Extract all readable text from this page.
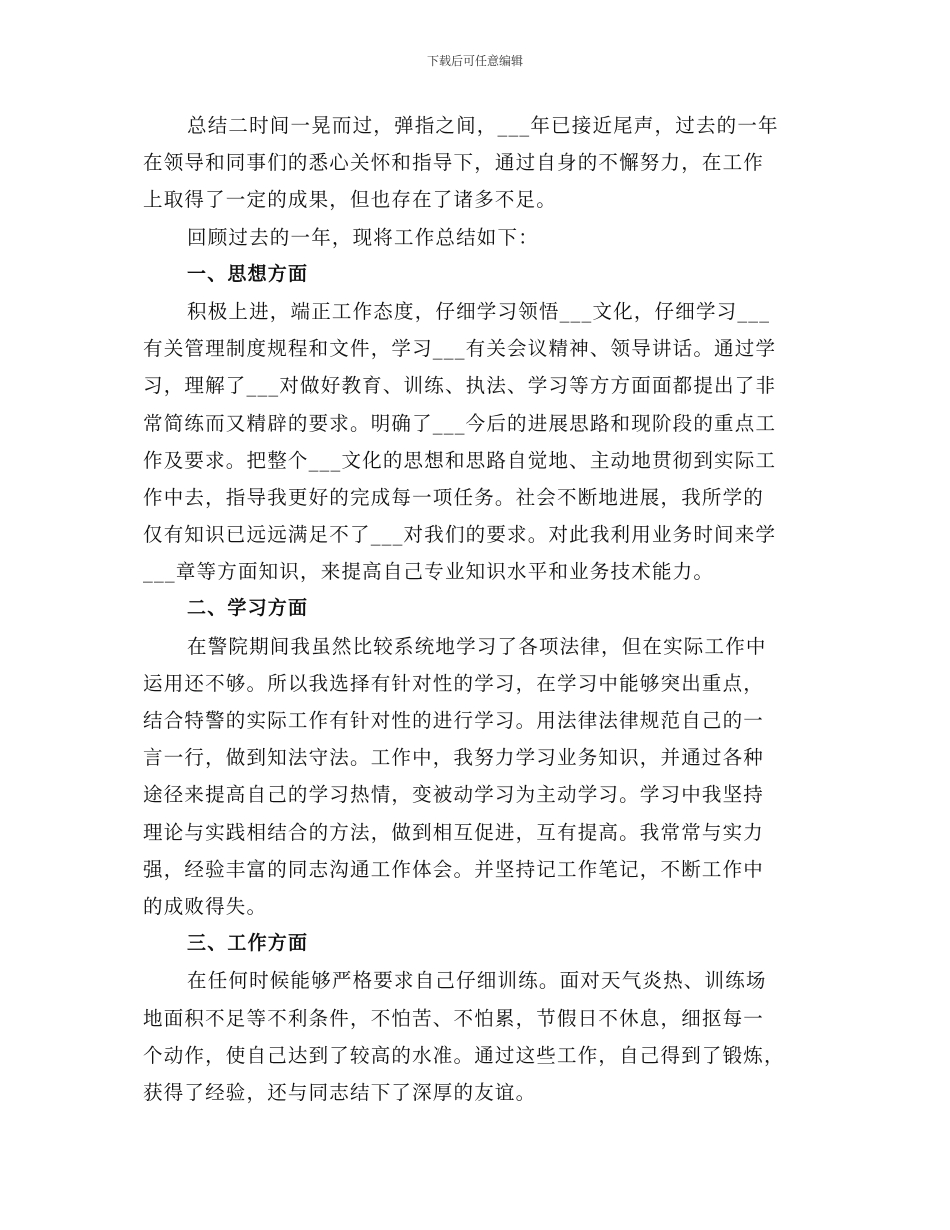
下载后可任意编辑
总结二时间一晃而过，弹指之间，___年已接近尾声，过去的一年
在领导和同事们的悉心关怀和指导下，通过自身的不懈努力，在工作
上取得了一定的成果，但也存在了诸多不足。
回顾过去的一年，现将工作总结如下：
一、思想方面
积极上进，端正工作态度，仔细学习领悟___文化，仔细学习___
有关管理制度规程和文件，学习___有关会议精神、领导讲话。通过学
习，理解了___对做好教育、训练、执法、学习等方方面面都提出了非
常简练而又精辟的要求。明确了___今后的进展思路和现阶段的重点工
作及要求。把整个___文化的思想和思路自觉地、主动地贯彻到实际工
作中去，指导我更好的完成每一项任务。社会不断地进展，我所学的
仅有知识已远远满足不了___对我们的要求。对此我利用业务时间来学
___章等方面知识，来提高自己专业知识水平和业务技术能力。
二、学习方面
在警院期间我虽然比较系统地学习了各项法律，但在实际工作中
运用还不够。所以我选择有针对性的学习，在学习中能够突出重点，
结合特警的实际工作有针对性的进行学习。用法律法律规范自己的一
言一行，做到知法守法。工作中，我努力学习业务知识，并通过各种
途径来提高自己的学习热情，变被动学习为主动学习。学习中我坚持
理论与实践相结合的方法，做到相互促进，互有提高。我常常与实力
强，经验丰富的同志沟通工作体会。并坚持记工作笔记，不断工作中
的成败得失。
三、工作方面
在任何时候能够严格要求自己仔细训练。面对天气炎热、训练场
地面积不足等不利条件，不怕苦、不怕累，节假日不休息，细抠每一
个动作，使自己达到了较高的水准。通过这些工作，自己得到了锻炼，
获得了经验，还与同志结下了深厚的友谊。
